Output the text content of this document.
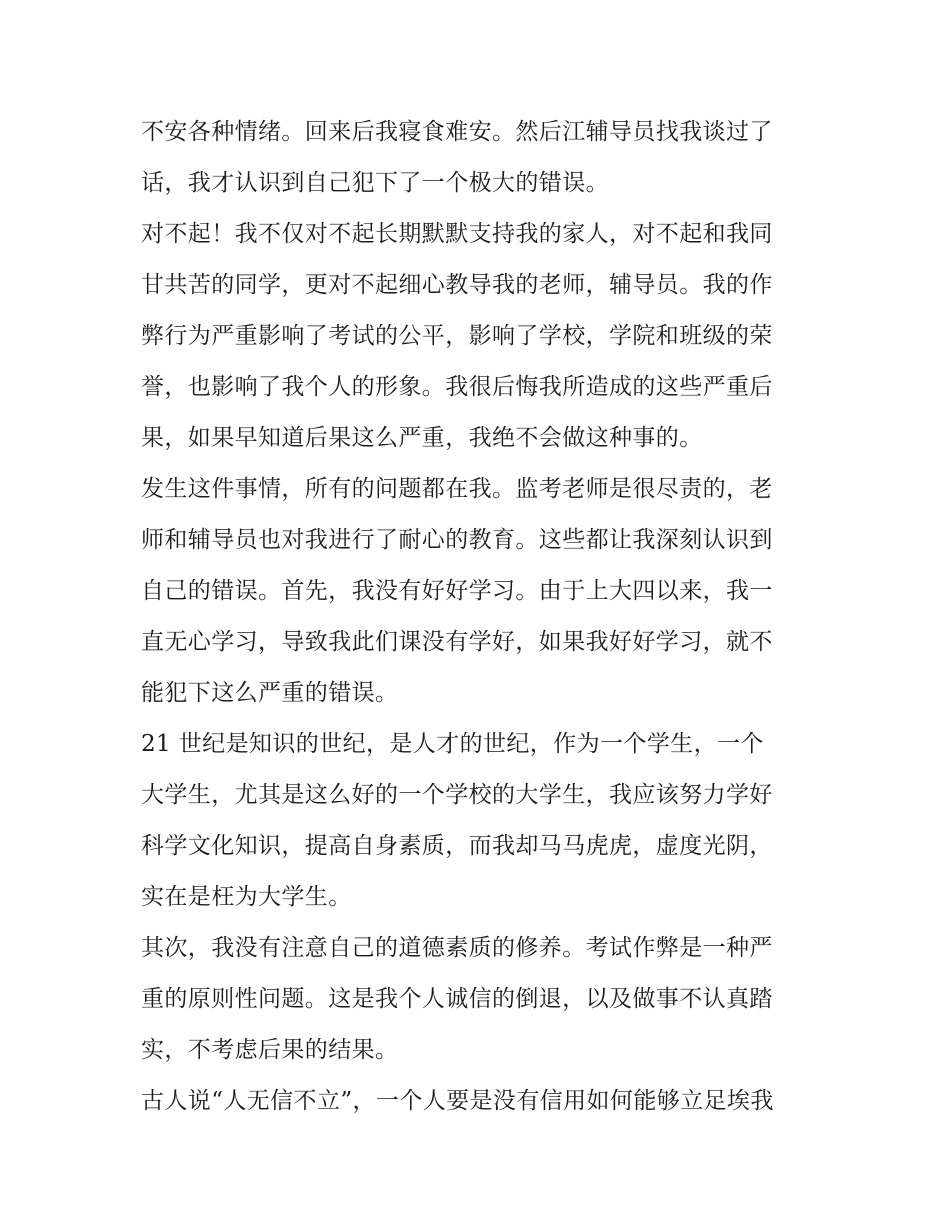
不安各种情绪。回来后我寝食难安。然后江辅导员找我谈过了
话，我才认识到自己犯下了一个极大的错误。
对不起！我不仅对不起长期默默支持我的家人，对不起和我同
甘共苦的同学，更对不起细心教导我的老师，辅导员。我的作
弊行为严重影响了考试的公平，影响了学校，学院和班级的荣
誉，也影响了我个人的形象。我很后悔我所造成的这些严重后
果，如果早知道后果这么严重，我绝不会做这种事的。
发生这件事情，所有的问题都在我。监考老师是很尽责的，老
师和辅导员也对我进行了耐心的教育。这些都让我深刻认识到
自己的错误。首先，我没有好好学习。由于上大四以来，我一
直无心学习，导致我此们课没有学好，如果我好好学习，就不
能犯下这么严重的错误。
21 世纪是知识的世纪，是人才的世纪，作为一个学生，一个
大学生，尤其是这么好的一个学校的大学生，我应该努力学好
科学文化知识，提高自身素质，而我却马马虎虎，虚度光阴，
实在是枉为大学生。
其次，我没有注意自己的道德素质的修养。考试作弊是一种严
重的原则性问题。这是我个人诚信的倒退，以及做事不认真踏
实，不考虑后果的结果。
古人说“人无信不立”，一个人要是没有信用如何能够立足埃我
